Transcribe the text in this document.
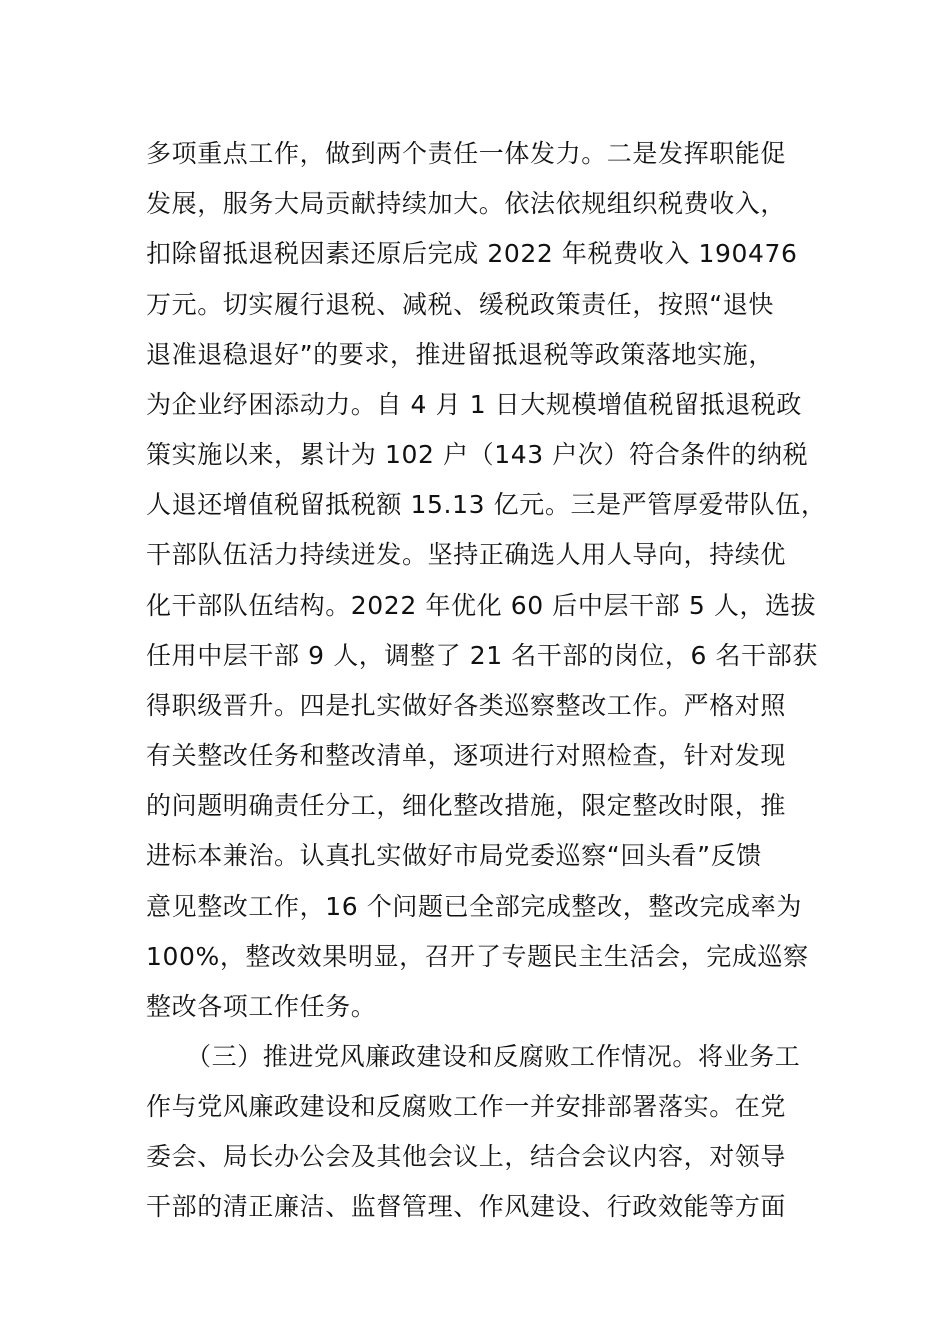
多项重点工作，做到两个责任一体发力。二是发挥职能促
发展，服务大局贡献持续加大。依法依规组织税费收入，
扣除留抵退税因素还原后完成 2022 年税费收入 190476
万元。切实履行退税、减税、缓税政策责任，按照“退快
退准退稳退好”的要求，推进留抵退税等政策落地实施，
为企业纾困添动力。自 4 月 1 日大规模增值税留抵退税政
策实施以来，累计为 102 户（143 户次）符合条件的纳税
人退还增值税留抵税额 15.13 亿元。三是严管厚爱带队伍，
干部队伍活力持续迸发。坚持正确选人用人导向，持续优
化干部队伍结构。2022 年优化 60 后中层干部 5 人，选拔
任用中层干部 9 人，调整了 21 名干部的岗位，6 名干部获
得职级晋升。四是扎实做好各类巡察整改工作。严格对照
有关整改任务和整改清单，逐项进行对照检查，针对发现
的问题明确责任分工，细化整改措施，限定整改时限，推
进标本兼治。认真扎实做好市局党委巡察“回头看”反馈
意见整改工作，16 个问题已全部完成整改，整改完成率为
100%，整改效果明显，召开了专题民主生活会，完成巡察
整改各项工作任务。
（三）推进党风廉政建设和反腐败工作情况。将业务工
作与党风廉政建设和反腐败工作一并安排部署落实。在党
委会、局长办公会及其他会议上，结合会议内容，对领导
干部的清正廉洁、监督管理、作风建设、行政效能等方面
